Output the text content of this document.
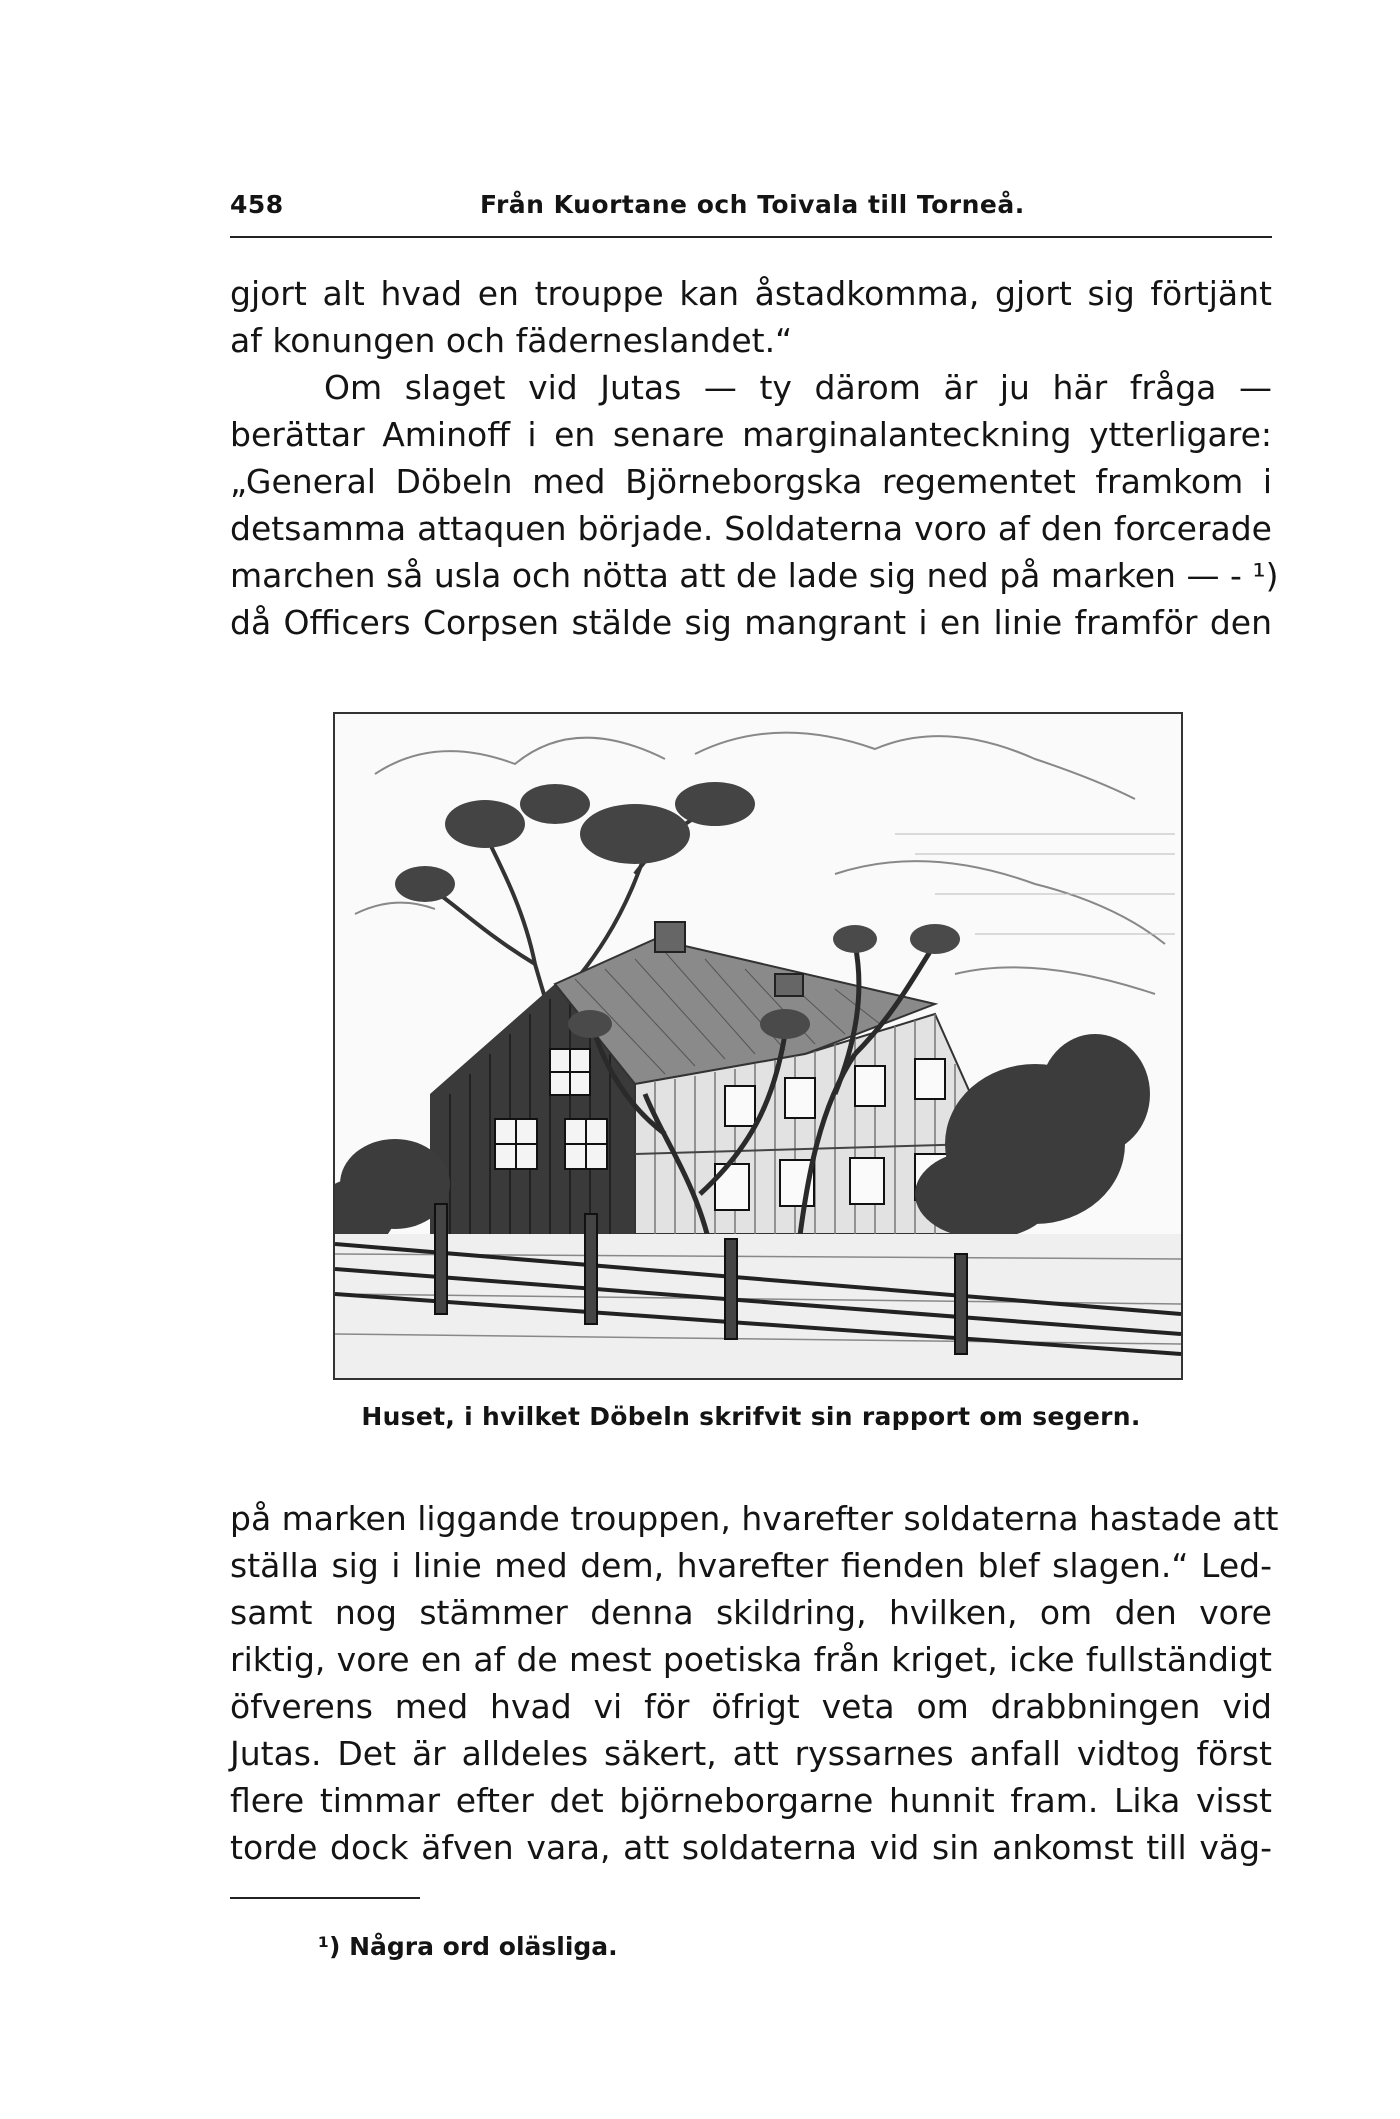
458	Från Kuortane och Toivala till Torneå.
gjort alt hvad en trouppe kan åstadkomma, gjort sig förtjänt
af konungen och fäderneslandet.“
Om slaget vid Jutas — ty därom är ju här fråga —
berättar Aminoff i en senare marginalanteckning ytterligare:
„General Döbeln med Björneborgska regementet framkom i
detsamma attaquen började. Soldaterna voro af den forcerade
marchen så usla och nötta att de lade sig ned på marken — - ¹)
då Officers Corpsen stälde sig mangrant i en linie framför den
Huset, i hvilket Döbeln skrifvit sin rapport om segern.
på marken liggande trouppen, hvarefter soldaterna hastade att
ställa sig i linie med dem, hvarefter fienden blef slagen.“ Led-
samt nog stämmer denna skildring, hvilken, om den vore
riktig, vore en af de mest poetiska från kriget, icke fullständigt
öfverens med hvad vi för öfrigt veta om drabbningen vid
Jutas. Det är alldeles säkert, att ryssarnes anfall vidtog först
flere timmar efter det björneborgarne hunnit fram. Lika visst
torde dock äfven vara, att soldaterna vid sin ankomst till väg-
¹) Några ord oläsliga.
